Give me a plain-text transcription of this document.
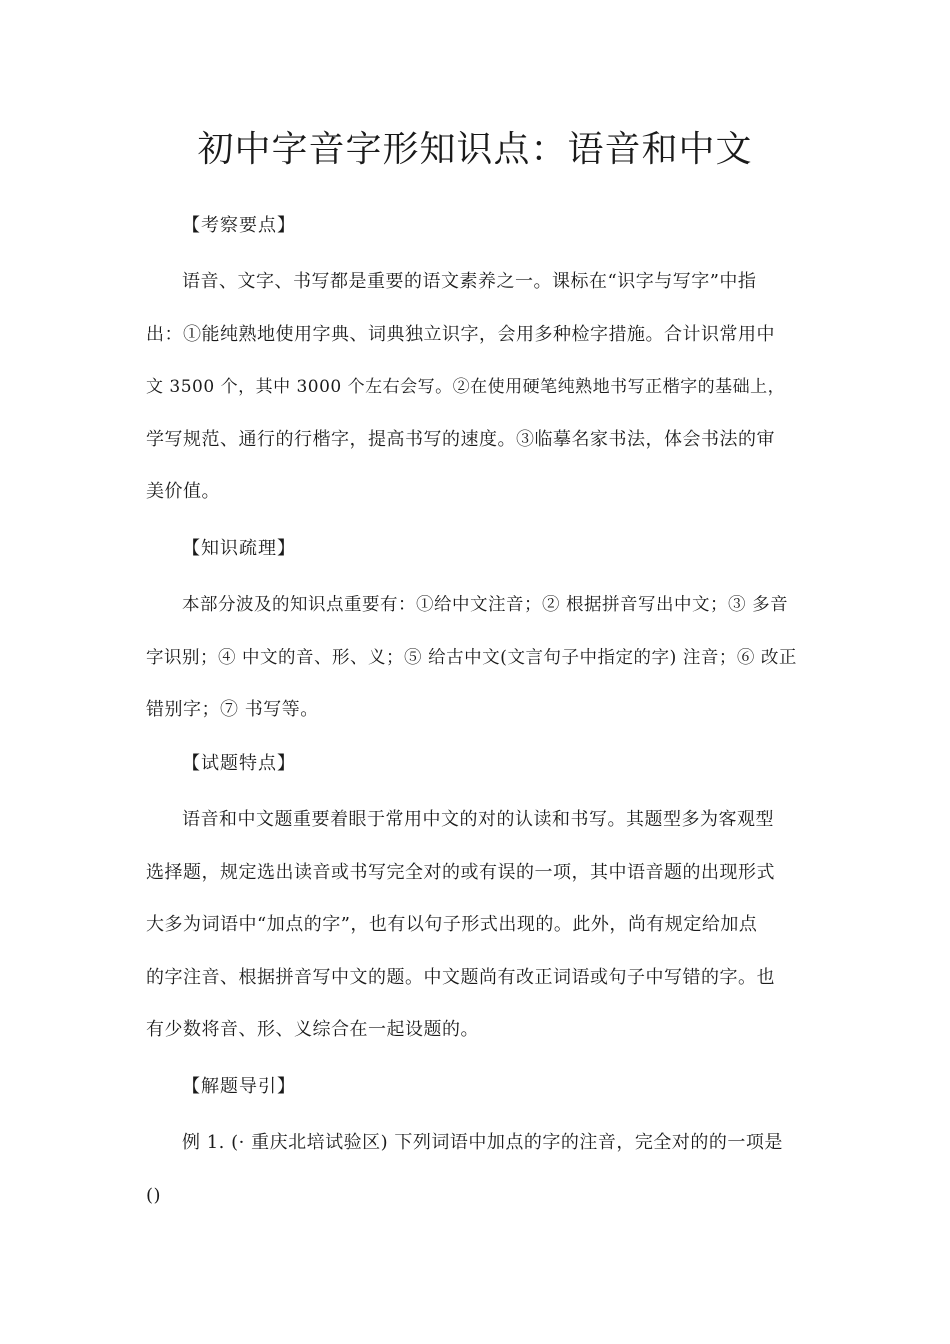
初中字音字形知识点：语音和中文
【考察要点】

语音、文字、书写都是重要的语文素养之一。课标在“识字与写字”中指
出：①能纯熟地使用字典、词典独立识字，会用多种检字措施。合计识常用中
文 3500 个，其中 3000 个左右会写。②在使用硬笔纯熟地书写正楷字的基础上，
学写规范、通行的行楷字，提高书写的速度。③临摹名家书法，体会书法的审
美价值。

【知识疏理】

本部分波及的知识点重要有：①给中文注音；② 根据拼音写出中文；③ 多音
字识别；④ 中文的音、形、义；⑤ 给古中文(文言句子中指定的字) 注音；⑥ 改正
错别字；⑦ 书写等。

【试题特点】

语音和中文题重要着眼于常用中文的对的认读和书写。其题型多为客观型
选择题，规定选出读音或书写完全对的或有误的一项，其中语音题的出现形式
大多为词语中“加点的字”，也有以句子形式出现的。此外，尚有规定给加点
的字注音、根据拼音写中文的题。中文题尚有改正词语或句子中写错的字。也
有少数将音、形、义综合在一起设题的。

【解题导引】

例 1. (· 重庆北培试验区) 下列词语中加点的字的注音，完全对的的一项是
()
